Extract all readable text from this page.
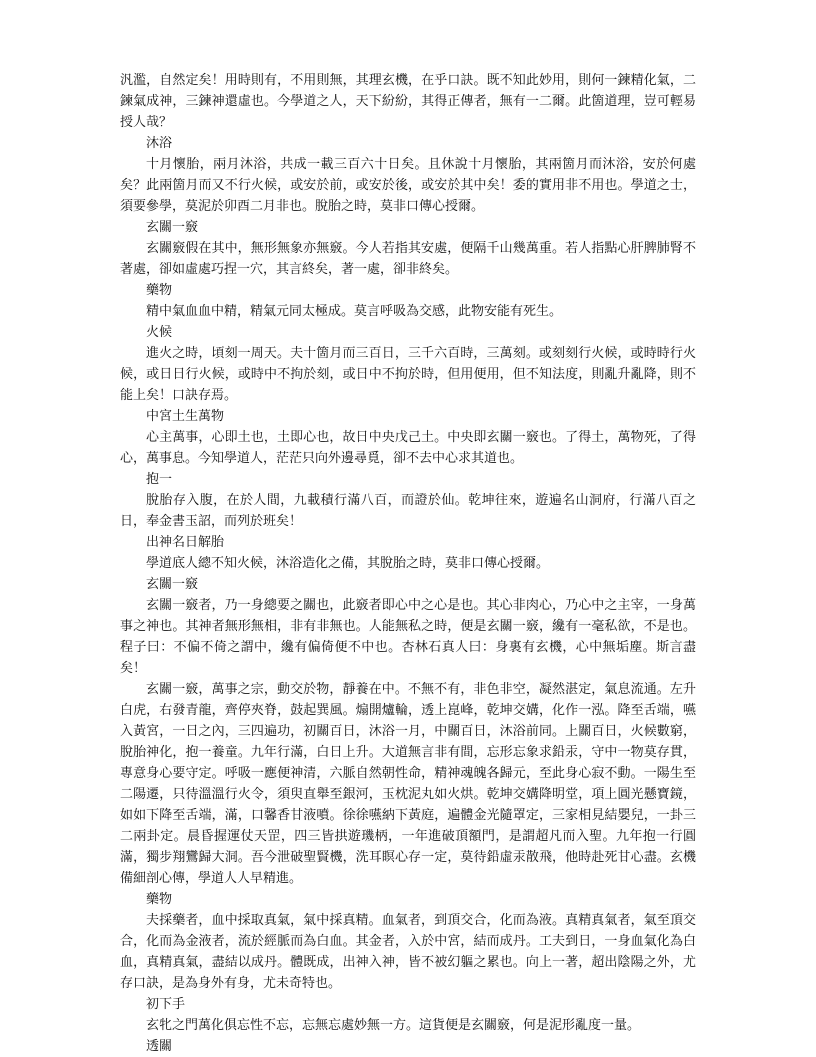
汎濫，自然定矣！用時則有，不用則無，其理玄機，在乎口訣。既不知此妙用，則何一鍊精化氣，二鍊氣成神，三鍊神還虛也。今學道之人，天下紛紛，其得正傳者，無有一二爾。此箇道理，豈可輕易授人哉？

沐浴

十月懷胎，兩月沐浴，共成一載三百六十日矣。且休說十月懷胎，其兩箇月而沐浴，安於何處矣？此兩箇月而又不行火候，或安於前，或安於後，或安於其中矣！委的實用非不用也。學道之士，須要參學，莫泥於卯酉二月非也。脫胎之時，莫非口傳心授爾。

玄關一竅

玄關竅假在其中，無形無象亦無竅。今人若指其安處，便隔千山幾萬重。若人指點心肝脾肺腎不著處，卻如虛處巧捏一穴，其言終矣，著一處，卻非終矣。

藥物

精中氣血血中精，精氣元同太極成。莫言呼吸為交感，此物安能有死生。

火候

進火之時，頃刻一周天。夫十箇月而三百日，三千六百時，三萬刻。或刻刻行火候，或時時行火候，或日日行火候，或時中不拘於刻，或日中不拘於時，但用便用，但不知法度，則亂升亂降，則不能上矣！口訣存焉。

中宮土生萬物

心主萬事，心即土也，土即心也，故日中央戊己土。中央即玄關一竅也。了得土，萬物死，了得心，萬事息。今知學道人，茫茫只向外邊尋覓，卻不去中心求其道也。

抱一

脫胎存入腹，在於人間，九載積行滿八百，而證於仙。乾坤往來，遊遍名山洞府，行滿八百之日，奉金書玉詔，而列於班矣！

出神名日解胎

學道底人總不知火候，沐浴造化之備，其脫胎之時，莫非口傳心授爾。

玄關一竅

玄關一竅者，乃一身總要之關也，此竅者即心中之心是也。其心非肉心，乃心中之主宰，一身萬事之神也。其神者無形無相，非有非無也。人能無私之時，便是玄關一竅，纔有一毫私欲，不是也。程子曰：不偏不倚之謂中，纔有偏倚便不中也。杏林石真人曰：身裏有玄機，心中無垢塵。斯言盡矣！

玄關一竅，萬事之宗，動交於物，靜養在中。不無不有，非色非空，凝然湛定，氣息流通。左升白虎，右發青龍，齊停夾脊，鼓起巽風。煽開爐輪，透上崑峰，乾坤交媾，化作一泓。降至舌端，嚥入黃宮，一日之內，三四遍功，初關百日，沐浴一月，中關百日，沐浴前同。上關百日，火候數窮，脫胎神化，抱一養童。九年行滿，白日上升。大道無言非有間，忘形忘象求鉛汞，守中一物莫存貫，專意身心要守定。呼吸一應便神清，六脈自然朝性命，精神魂魄各歸元，至此身心寂不動。一陽生至二陽遷，只待溫溫行火令，須臾直舉至銀河，玉枕泥丸如火烘。乾坤交媾降明堂，項上圓光懸寶鏡，如如下降至舌端，滿，口馨香甘液噴。徐徐嚥納下黃庭，遍體金光隨罩定，三家相見結嬰兒，一卦三二兩卦定。晨昏握運仗天罡，四三皆拱遊璣柄，一年進破頂額門，是謂超凡而入聖。九年抱一行圓滿，獨步翔鸞歸大洞。吾今泄破聖賢機，洗耳瞑心存一定，莫待鉛虛汞散飛，他時赴死甘心盡。玄機備細剖心傳，學道人人早精進。

藥物

夫採藥者，血中採取真氣，氣中採真精。血氣者，到頂交合，化而為液。真精真氣者，氣至頂交合，化而為金液者，流於經脈而為白血。其金者，入於中宮，結而成丹。工夫到日，一身血氣化為白血，真精真氣，盡結以成丹。體既成，出神入神，皆不被幻軀之累也。向上一著，超出陰陽之外，尤存口訣，是為身外有身，尤未奇特也。

初下手

玄牝之門萬化俱忘性不忘，忘無忘處妙無一方。這貨便是玄關竅，何是泥形亂度一量。

透關
